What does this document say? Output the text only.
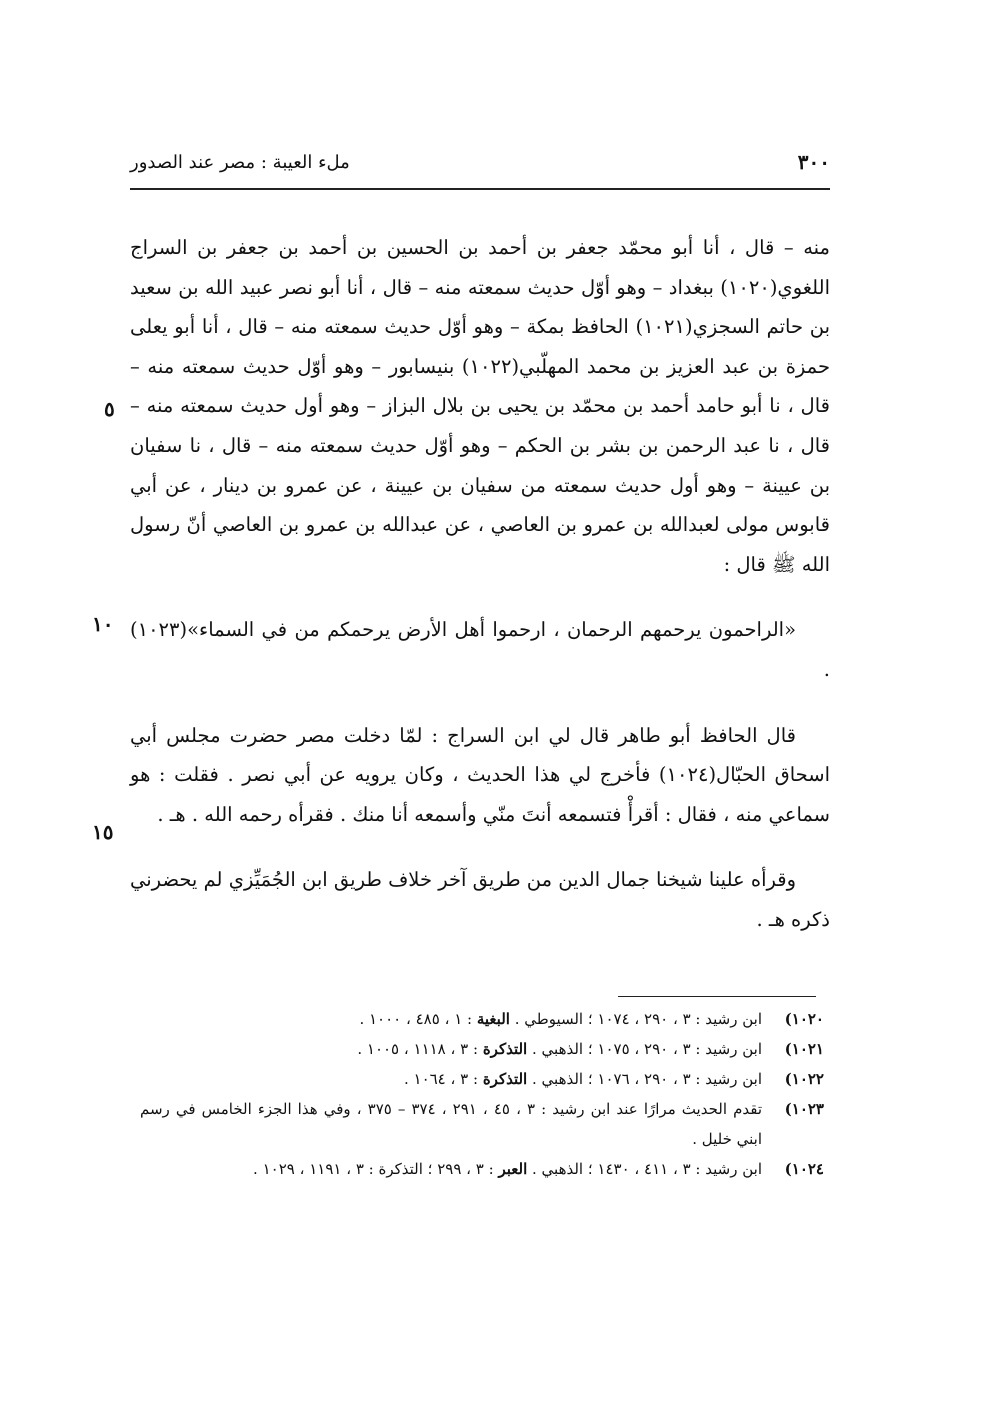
٣٠٠
ملء العيبة : مصر عند الصدور
٥
١٠
١٥

منه – قال ، أنا أبو محمّد جعفر بن أحمد بن الحسين بن أحمد بن جعفر بن السراج اللغوي(١٠٢٠) ببغداد – وهو أوّل حديث سمعته منه – قال ، أنا أبو نصر عبيد الله بن سعيد بن حاتم السجزي(١٠٢١) الحافظ بمكة – وهو أوّل حديث سمعته منه – قال ، أنا أبو يعلى حمزة بن عبد العزيز بن محمد المهلّبي(١٠٢٢) بنيسابور – وهو أوّل حديث سمعته منه – قال ، نا أبو حامد أحمد بن محمّد بن يحيى بن بلال البزاز – وهو أول حديث سمعته منه – قال ، نا عبد الرحمن بن بشر بن الحكم – وهو أوّل حديث سمعته منه – قال ، نا سفيان بن عيينة – وهو أول حديث سمعته من سفيان بن عيينة ، عن عمرو بن دينار ، عن أبي قابوس مولى لعبدالله بن عمرو بن العاصي ، عن عبدالله بن عمرو بن العاصي أنّ رسول الله ﷺ قال :

«الراحمون يرحمهم الرحمان ، ارحموا أهل الأرض يرحمكم من في السماء»(١٠٢٣) .

قال الحافظ أبو طاهر قال لي ابن السراج : لمّا دخلت مصر حضرت مجلس أبي اسحاق الحبّال(١٠٢٤) فأخرج لي هذا الحديث ، وكان يرويه عن أبي نصر . فقلت : هو سماعي منه ، فقال : أقرأْ فتسمعه أنتَ منّي وأسمعه أنا منك . فقرأه رحمه الله . هـ .

وقرأه علينا شيخنا جمال الدين من طريق آخر خلاف طريق ابن الجُمَيِّزي لم يحضرني ذكره هـ .

١٠٢٠)
ابن رشيد : ٣ ، ٢٩٠ ، ١٠٧٤ ؛ السيوطي . البغية : ١ ، ٤٨٥ ، ١٠٠٠ .

١٠٢١)
ابن رشيد : ٣ ، ٢٩٠ ، ١٠٧٥ ؛ الذهبي . التذكرة : ٣ ، ١١١٨ ، ١٠٠٥ .

١٠٢٢)
ابن رشيد : ٣ ، ٢٩٠ ، ١٠٧٦ ؛ الذهبي . التذكرة : ٣ ، ١٠٦٤ .

١٠٢٣)
تقدم الحديث مرارًا عند ابن رشيد : ٣ ، ٤٥ ، ٢٩١ ، ٣٧٤ – ٣٧٥ ، وفي هذا الجزء الخامس في رسم ابني خليل .

١٠٢٤)
ابن رشيد : ٣ ، ٤١١ ، ١٤٣٠ ؛ الذهبي . العبر : ٣ ، ٢٩٩ ؛ التذكرة : ٣ ، ١١٩١ ، ١٠٢٩ .
